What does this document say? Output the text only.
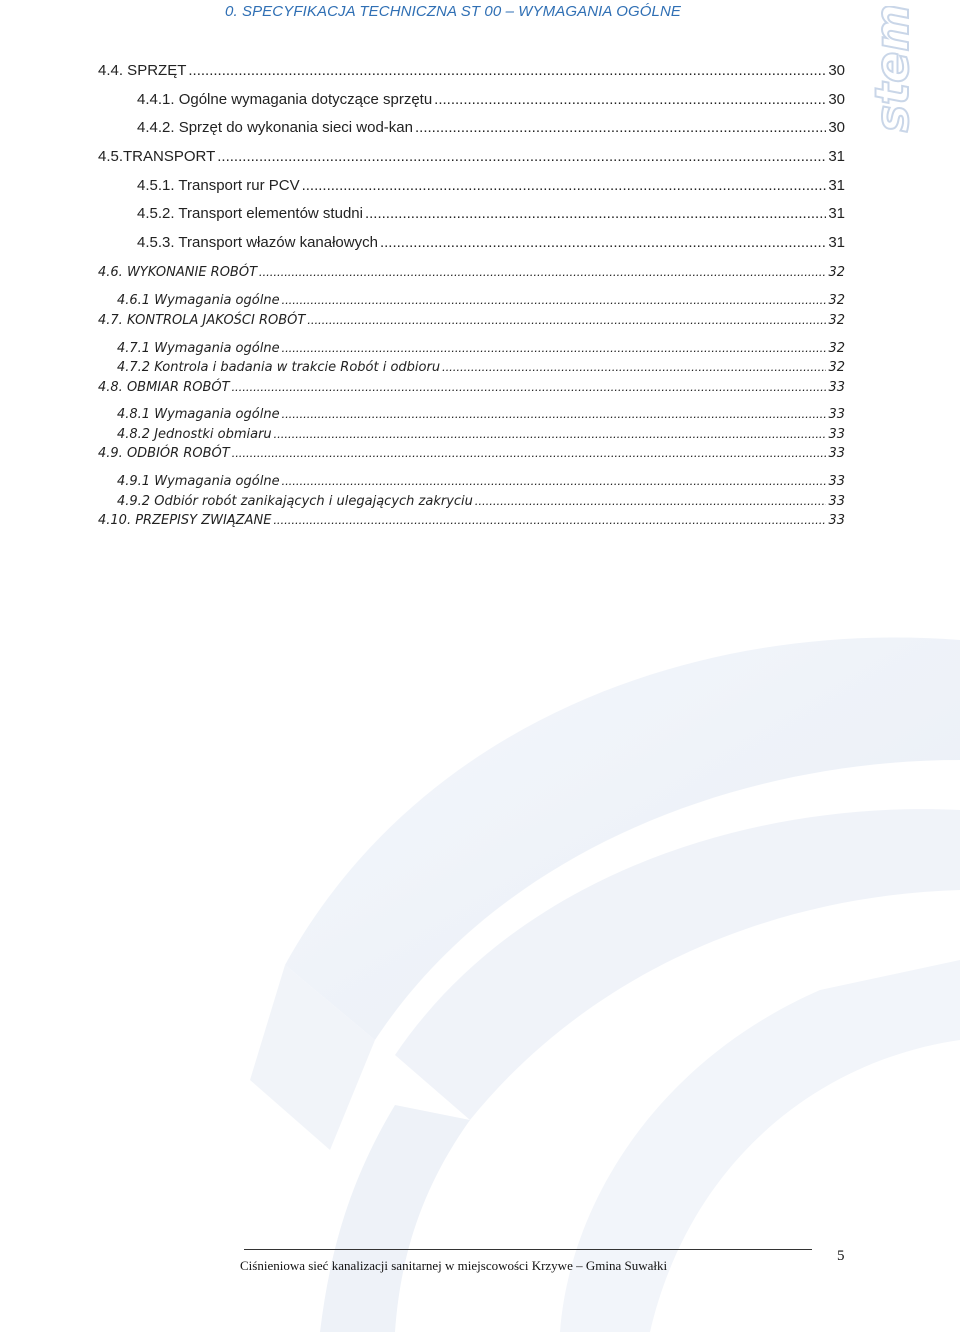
0. SPECYFIKACJA TECHNICZNA ST 00 – WYMAGANIA OGÓLNE	stem
4.4. SPRZĘT .....	30
4.4.1. Ogólne wymagania dotyczące sprzętu .....	30
4.4.2. Sprzęt do wykonania sieci wod-kan .....	30
4.5.TRANSPORT .....	31
4.5.1. Transport rur PCV .....	31
4.5.2. Transport elementów studni .....	31
4.5.3. Transport włazów kanałowych .....	31
4.6. WYKONANIE ROBÓT .....	32
4.6.1 Wymagania ogólne .....	32
4.7. KONTROLA JAKOŚCI ROBÓT .....	32
4.7.1 Wymagania ogólne .....	32
4.7.2 Kontrola i badania w trakcie Robót i odbioru .....	32
4.8. OBMIAR ROBÓT .....	33
4.8.1 Wymagania ogólne .....	33
4.8.2 Jednostki obmiaru .....	33
4.9. ODBIÓR ROBÓT .....	33
4.9.1 Wymagania ogólne .....	33
4.9.2 Odbiór robót zanikających i ulegających zakryciu .....	33
4.10. PRZEPISY ZWIĄZANE .....	33
Ciśnieniowa sieć kanalizacji sanitarnej w miejscowości Krzywe – Gmina Suwałki
5
